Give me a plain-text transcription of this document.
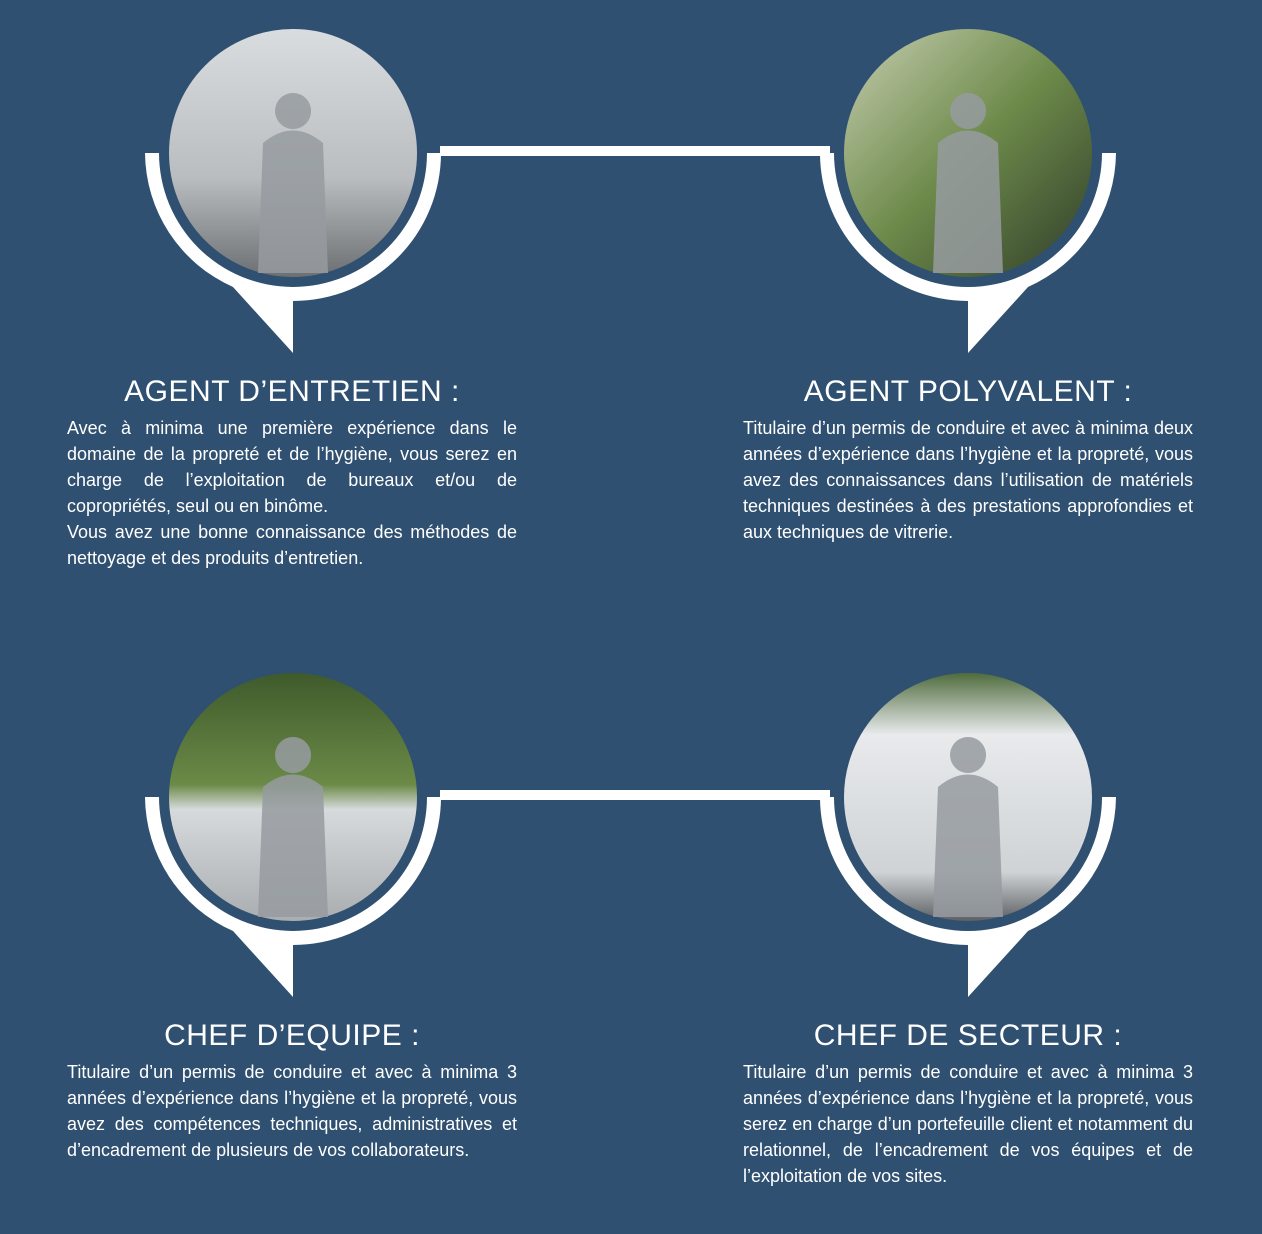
AGENT D’ENTRETIEN :

Avec à minima une première expérience dans le domaine de la propreté et de l’hygiène, vous serez en charge de l’exploitation de bureaux et/ou de copropriétés, seul ou en binôme.
Vous avez une bonne connaissance des méthodes de nettoyage et des produits d’entretien.

AGENT POLYVALENT :

Titulaire d’un permis de conduire et avec à minima deux années d’expérience dans l’hygiène et la propreté, vous avez des connaissances dans l’utilisation de matériels techniques destinées à des prestations approfondies et aux techniques de vitrerie.

CHEF D’EQUIPE :

Titulaire d’un permis de conduire et avec à minima 3 années d’expérience dans l’hygiène et la propreté, vous avez des compétences techniques, administratives et d’encadrement de plusieurs de vos collaborateurs.

CHEF DE SECTEUR :

Titulaire d’un permis de conduire et avec à minima 3 années d’expérience dans l’hygiène et la propreté, vous serez en charge d’un portefeuille client et notamment du relationnel, de l’encadrement de vos équipes et de l’exploitation de vos sites.
